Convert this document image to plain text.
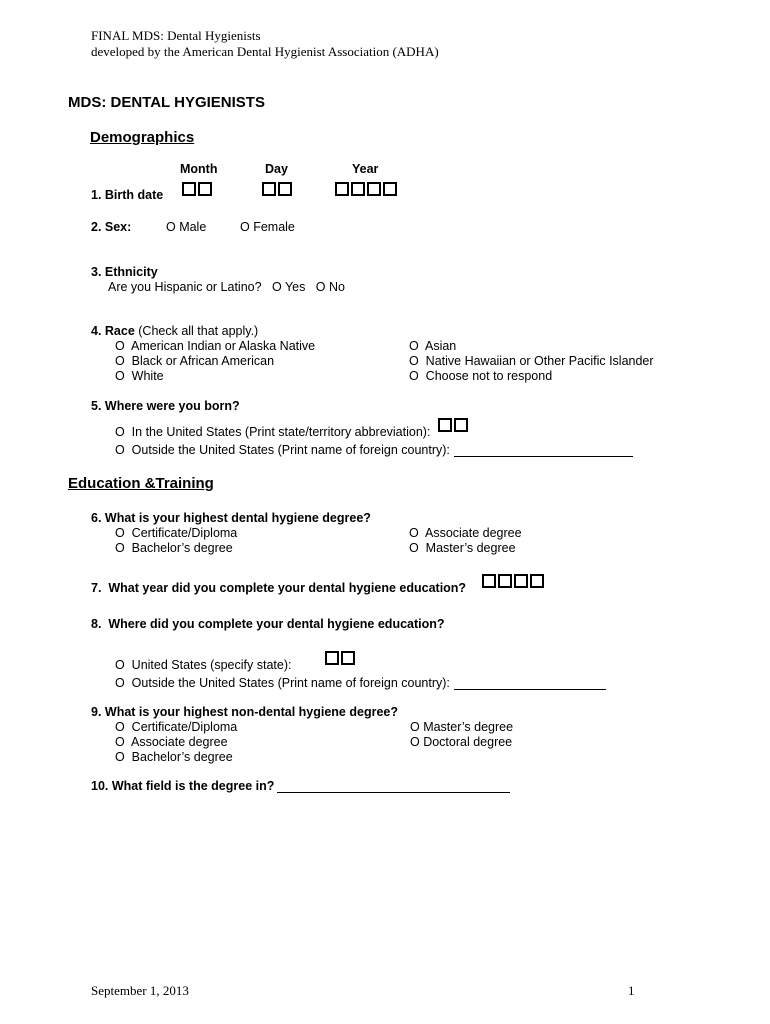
FINAL MDS: Dental Hygienists
developed by the American Dental Hygienist Association (ADHA)
MDS: DENTAL HYGIENISTS
Demographics
Month	Day	Year
1. Birth date
2. Sex:	O Male	O Female
3. Ethnicity
Are you Hispanic or Latino?   O Yes   O No
4. Race (Check all that apply.)
O  American Indian or Alaska Native
O  Black or African American
O  White
O  Asian
O  Native Hawaiian or Other Pacific Islander
O  Choose not to respond
5. Where were you born?
O  In the United States (Print state/territory abbreviation):
O  Outside the United States (Print name of foreign country):
Education &Training
6. What is your highest dental hygiene degree?
O  Certificate/Diploma
O  Bachelor’s degree
O  Associate degree
O  Master’s degree
7.  What year did you complete your dental hygiene education?
8.  Where did you complete your dental hygiene education?
O  United States (specify state):
O  Outside the United States (Print name of foreign country):
9. What is your highest non-dental hygiene degree?
O  Certificate/Diploma
O  Associate degree
O  Bachelor’s degree
O Master’s degree
O Doctoral degree
10. What field is the degree in?
September 1, 2013	1
